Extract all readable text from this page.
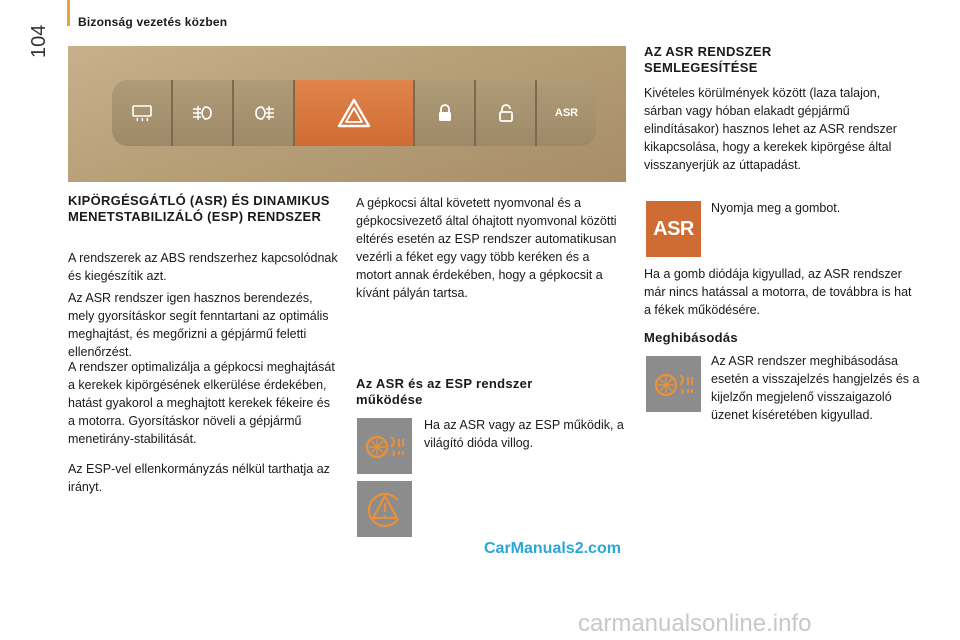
Bizonság vezetés közben
104
ASR
KIPÖRGÉSGÁTLÓ (ASR) ÉS DINAMIKUS MENETSTABILIZÁLÓ (ESP) RENDSZER

A rendszerek az ABS rendszerhez kapcsolódnak és kiegészítik azt.

Az ASR rendszer igen hasznos berendezés, mely gyorsításkor segít fenntartani az optimális meghajtást, és megőrizni a gépjármű feletti ellenőrzést.

A rendszer optimalizálja a gépkocsi meghajtását a kerekek kipörgésének elkerülése érdekében, hatást gyakorol a meghajtott kerekek fékeire és a motorra. Gyorsításkor növeli a gépjármű menetirány-stabilitását.

Az ESP-vel ellenkormányzás nélkül tarthatja az irányt.

A gépkocsi által követett nyomvonal és a gépkocsivezető által óhajtott nyomvonal közötti eltérés esetén az ESP rendszer automatikusan vezérli a féket egy vagy több keréken és a motort annak érdekében, hogy a gépkocsit a kívánt pályán tartsa.

Az ASR és az ESP rendszer működése

Ha az ASR vagy az ESP működik, a világító dióda villog.

AZ ASR RENDSZER SEMLEGESÍTÉSE

Kivételes körülmények között (laza talajon, sárban vagy hóban elakadt gépjármű elindításakor) hasznos lehet az ASR rendszer kikapcsolása, hogy a kerekek kipörgése által visszanyerjük az úttapadást.

ASR

Nyomja meg a gombot.

Ha a gomb diódája kigyullad, az ASR rendszer már nincs hatással a motorra, de továbbra is hat a fékek működésére.

Meghibásodás

Az ASR rendszer meghibásodása esetén a visszajelzés hangjelzés és a kijelzőn megjelenő visszaigazoló üzenet kíséretében kigyullad.

CarManuals2.com
carmanualsonline.info
